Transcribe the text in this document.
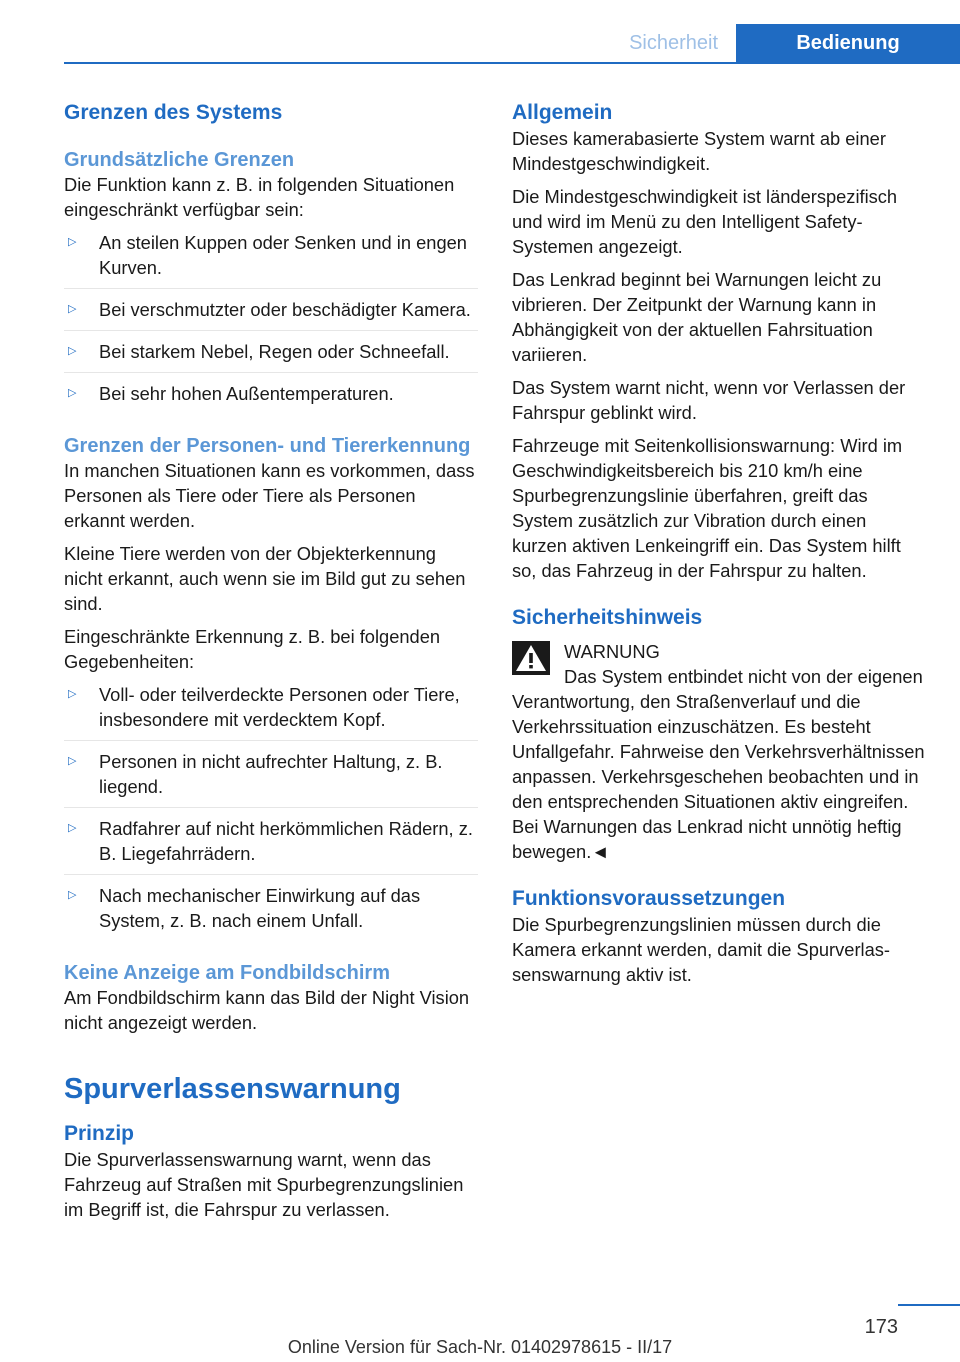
Sicherheit	Bedienung
Grenzen des Systems
Grundsätzliche Grenzen

Die Funktion kann z. B. in folgenden Situationen eingeschränkt verfügbar sein:

▷ An steilen Kuppen oder Senken und in engen Kurven.
▷ Bei verschmutzter oder beschädigter Kamera.
▷ Bei starkem Nebel, Regen oder Schneefall.
▷ Bei sehr hohen Außentemperaturen.
Grenzen der Personen- und Tiererkennung

In manchen Situationen kann es vorkommen, dass Personen als Tiere oder Tiere als Personen erkannt werden.

Kleine Tiere werden von der Objekterkennung nicht erkannt, auch wenn sie im Bild gut zu sehen sind.

Eingeschränkte Erkennung z. B. bei folgenden Gegebenheiten:

▷ Voll- oder teilverdeckte Personen oder Tiere, insbesondere mit verdecktem Kopf.
▷ Personen in nicht aufrechter Haltung, z. B. liegend.
▷ Radfahrer auf nicht herkömmlichen Rädern, z. B. Liegefahrrädern.
▷ Nach mechanischer Einwirkung auf das System, z. B. nach einem Unfall.
Keine Anzeige am Fondbildschirm

Am Fondbildschirm kann das Bild der Night Vision nicht angezeigt werden.

Spurverlassenswarnung
Prinzip

Die Spurverlassenswarnung warnt, wenn das Fahrzeug auf Straßen mit Spurbegrenzungslinien im Begriff ist, die Fahrspur zu verlassen.

Allgemein

Dieses kamerabasierte System warnt ab einer Mindestgeschwindigkeit.

Die Mindestgeschwindigkeit ist länderspezifisch und wird im Menü zu den Intelligent Safety-Systemen angezeigt.

Das Lenkrad beginnt bei Warnungen leicht zu vibrieren. Der Zeitpunkt der Warnung kann in Abhängigkeit von der aktuellen Fahrsituation variieren.

Das System warnt nicht, wenn vor Verlassen der Fahrspur geblinkt wird.

Fahrzeuge mit Seitenkollisionswarnung: Wird im Geschwindigkeitsbereich bis 210 km/h eine Spurbegrenzungslinie überfahren, greift das System zusätzlich zur Vibration durch einen kurzen aktiven Lenkeingriff ein. Das System hilft so, das Fahrzeug in der Fahrspur zu halten.

Sicherheitshinweis
WARNUNG

Das System entbindet nicht von der eigenen Verantwortung, den Straßenverlauf und die Verkehrssituation einzuschätzen. Es besteht Unfallgefahr. Fahrweise den Verkehrsverhältnissen anpassen. Verkehrsgeschehen beobachten und in den entsprechenden Situationen aktiv eingreifen. Bei Warnungen das Lenkrad nicht unnötig heftig bewegen.◄

Funktionsvoraussetzungen

Die Spurbegrenzungslinien müssen durch die Kamera erkannt werden, damit die Spurverlassenswarnung aktiv ist.

173
Online Version für Sach-Nr. 01402978615 - II/17
